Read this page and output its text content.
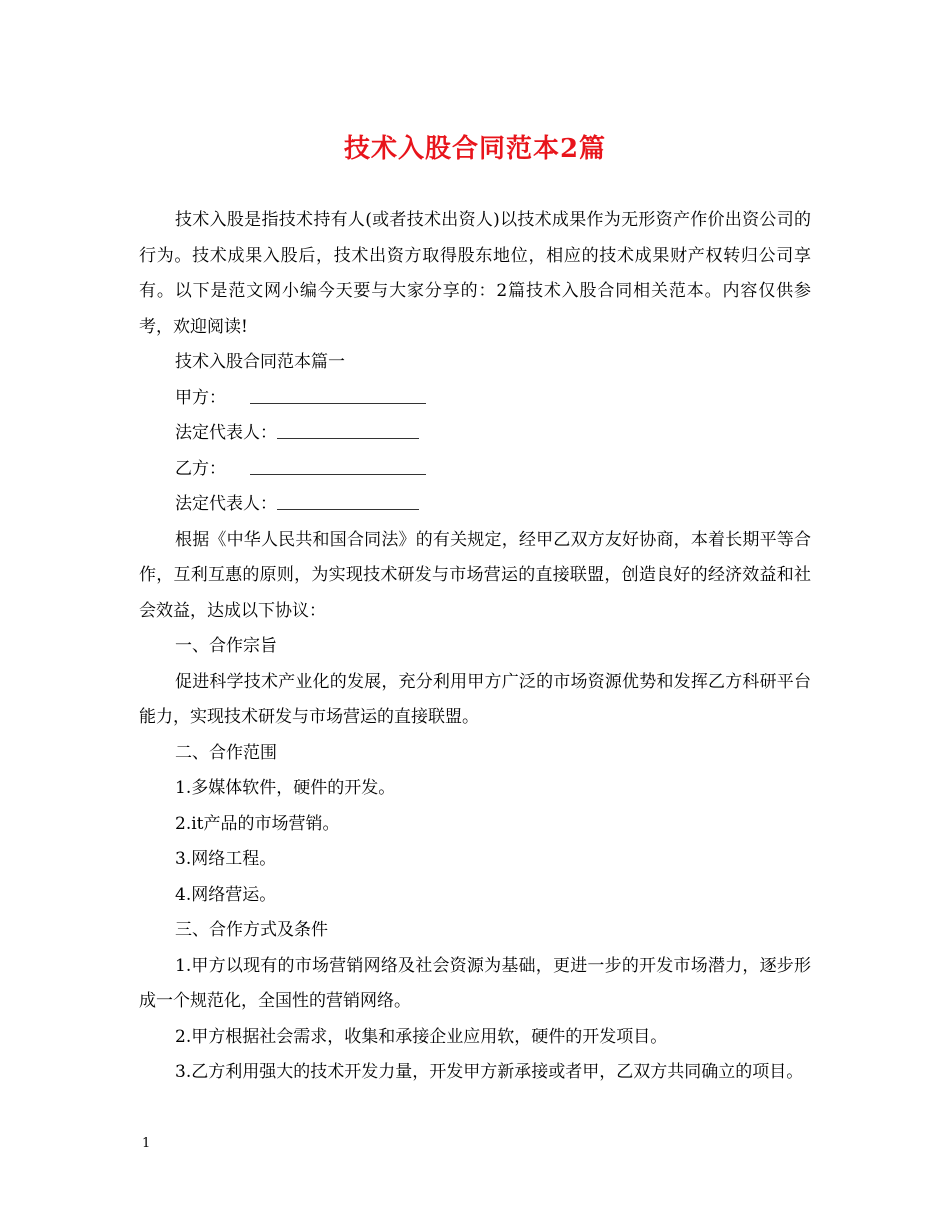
技术入股合同范本2篇

技术入股是指技术持有人(或者技术出资人)以技术成果作为无形资产作价出资公司的行为。技术成果入股后，技术出资方取得股东地位，相应的技术成果财产权转归公司享有。以下是范文网小编今天要与大家分享的：2篇技术入股合同相关范本。内容仅供参考，欢迎阅读!

技术入股合同范本篇一

甲方：
法定代表人：
乙方：
法定代表人：

根据《中华人民共和国合同法》的有关规定，经甲乙双方友好协商，本着长期平等合作，互利互惠的原则，为实现技术研发与市场营运的直接联盟，创造良好的经济效益和社会效益，达成以下协议：

一、合作宗旨

促进科学技术产业化的发展，充分利用甲方广泛的市场资源优势和发挥乙方科研平台能力，实现技术研发与市场营运的直接联盟。

二、合作范围

1.多媒体软件，硬件的开发。

2.it产品的市场营销。

3.网络工程。

4.网络营运。

三、合作方式及条件

1.甲方以现有的市场营销网络及社会资源为基础，更进一步的开发市场潜力，逐步形成一个规范化，全国性的营销网络。

2.甲方根据社会需求，收集和承接企业应用软，硬件的开发项目。

3.乙方利用强大的技术开发力量，开发甲方新承接或者甲，乙双方共同确立的项目。

1
